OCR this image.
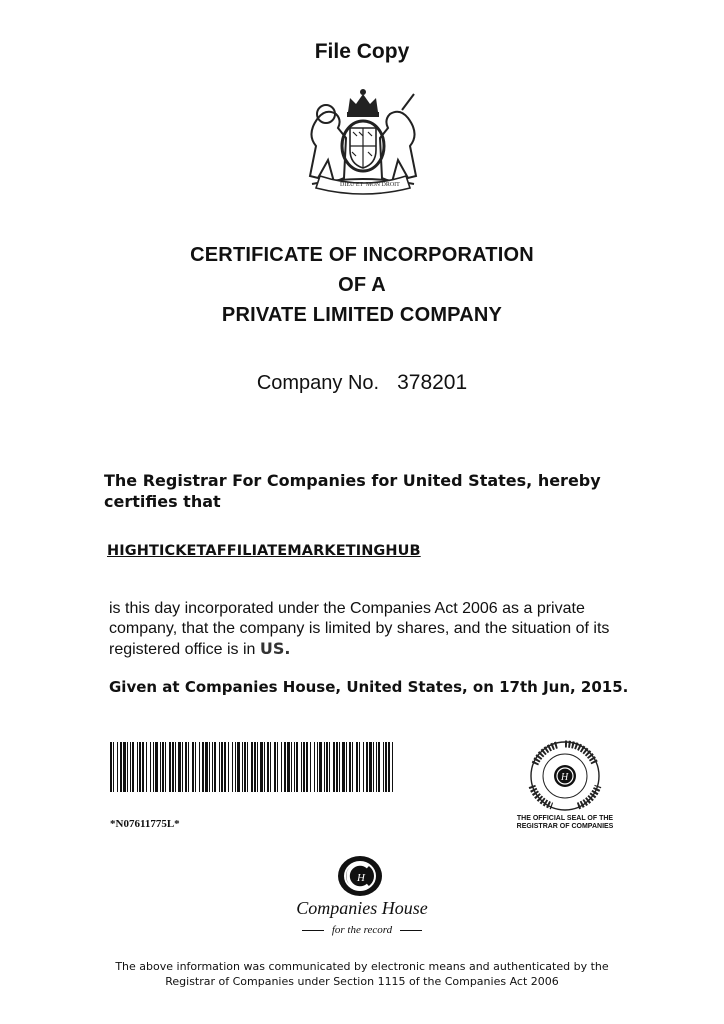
File Copy
DIEU ET MON DROIT
CERTIFICATE OF INCORPORATION
OF A
PRIVATE LIMITED COMPANY
Company No. 378201
The Registrar For Companies for United States, hereby certifies that
HIGHTICKETAFFILIATEMARKETINGHUB
is this day incorporated under the Companies Act 2006 as a private company, that the company is limited by shares, and the situation of its registered office is in US.
Given at Companies House, United States, on 17th Jun, 2015.
*N07611775L*
H
THE OFFICIAL SEAL OF THE
REGISTRAR OF COMPANIES
H
Companies House
for the record
The above information was communicated by electronic means and authenticated by the
Registrar of Companies under Section 1115 of the Companies Act 2006
